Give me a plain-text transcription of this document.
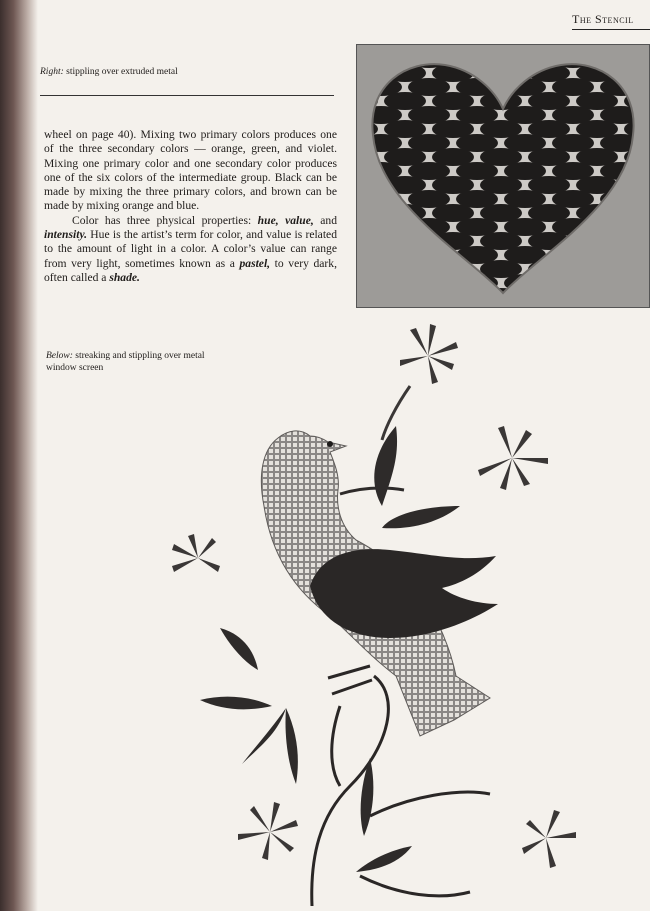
The Stencil
Right: stippling over extruded metal

wheel on page 40). Mixing two primary colors produces one of the three secondary colors — orange, green, and violet. Mixing one primary color and one secondary color produces one of the six colors of the intermediate group. Black can be made by mixing the three primary colors, and brown can be made by mixing orange and blue.

Color has three physical properties: hue, value, and intensity. Hue is the artist’s term for color, and value is related to the amount of light in a color. A color’s value can range from very light, sometimes known as a pastel, to very dark, often called a shade.

Below: streaking and stippling over metal window screen
